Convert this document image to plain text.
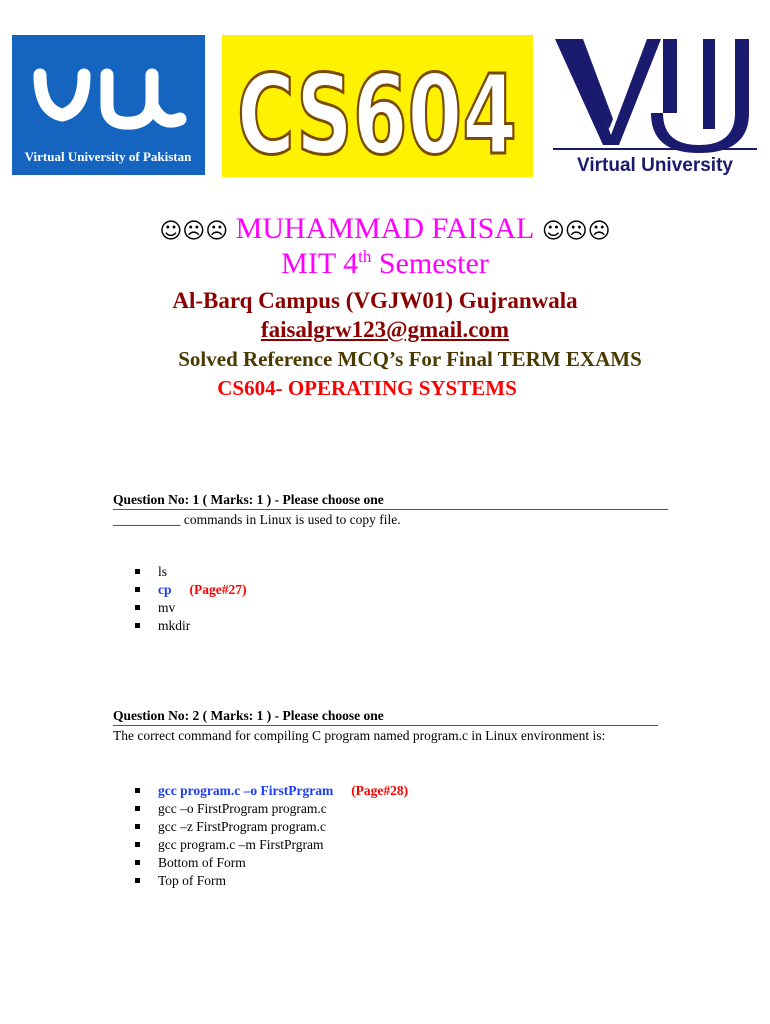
Virtual University of Pakistan CS604	Virtual University
☺☹☹ MUHAMMAD FAISAL ☺☹☹
MIT 4th Semester
Al-Barq Campus (VGJW01) Gujranwala
faisalgrw123@gmail.com
Solved Reference MCQ’s For Final TERM EXAMS
CS604- OPERATING SYSTEMS
Question No: 1 ( Marks: 1 ) - Please choose one
__________ commands in Linux is used to copy file.
ls
cp (Page#27)
mv
mkdir
Question No: 2 ( Marks: 1 ) - Please choose one
The correct command for compiling C program named program.c in Linux environment is:
gcc program.c –o FirstPrgram (Page#28)
gcc –o FirstProgram program.c
gcc –z FirstProgram program.c
gcc program.c –m FirstPrgram
Bottom of Form
Top of Form
